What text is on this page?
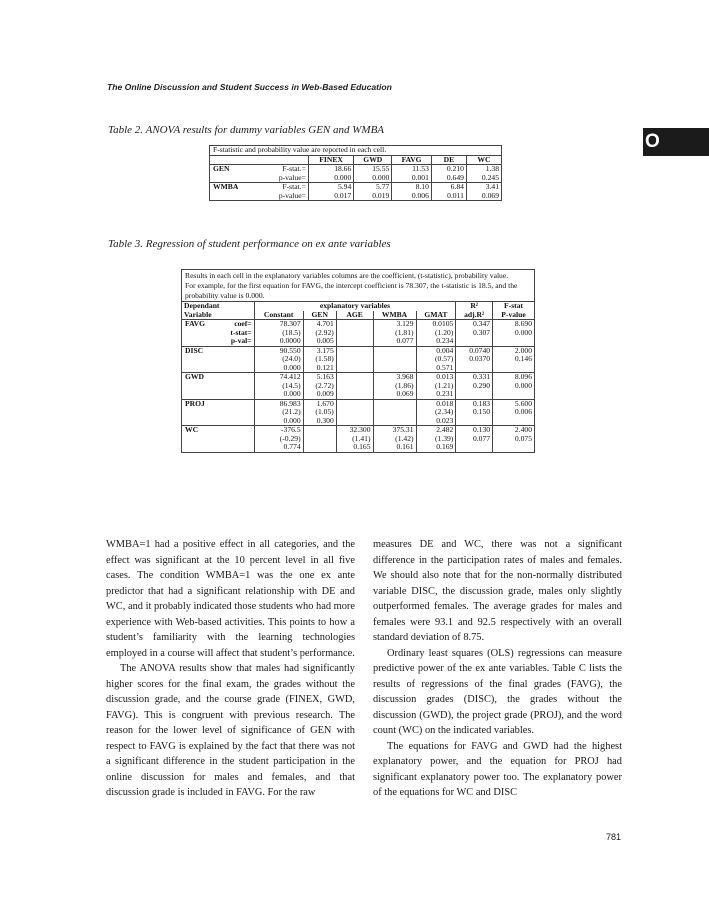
The Online Discussion and Student Success in Web-Based Education
O
Table 2. ANOVA results for dummy variables GEN and WMBA
F-statistic and probability value are reported in each cell.						
		FINEX	GWD	FAVG	DE	WC
GEN	F-stat.=	18.66	15.55	11.53	0.210	1.38
	p-value=	0.000	0.000	0.001	0.649	0.245
WMBA	F-stat.=	5.94	5.77	8.10	6.84	3.41
	p-value=	0.017	0.019	0.006	0.011	0.069
Table 3. Regression of student performance on ex ante variables
Results in each cell in the explanatory variables columns are the coefficient, (t-statistic), probability value.
For example, for the first equation for FAVG, the intercept coefficient is 78.307, the t-statistic is 18.5, and the probability value is 0.000.								

Dependant		explanatory variables					R²	F-stat
Variable		Constant	GEN	AGE	WMBA	GMAT	adj.R²	P-value
FAVG	coef=	78.307	4.701		3.129	0.0105	0.347	8.690
	t-stat=	(18.5)	(2.92)		(1.81)	(1.20)	0.307	0.000
	p-val=	0.0000	0.005		0.077	0.234		
DISC		90.550	3.175			0.004	0.0740	2.000
		(24.0)	(1.58)			(0.57)	0.0370	0.146
		0.000	0.121			0.571		
GWD		74.412	5.163		3.968	0.013	0.331	8.096
		(14.5)	(2.72)		(1.86)	(1.21)	0.290	0.000
		0.000	0.009		0.069	0.231		
PROJ		86.983	1.670			0.018	0.183	5.600
		(21.2)	(1.05)			(2.34)	0.150	0.006
		0.000	0.300			0.023		
WC		-376.5		32.300	375.31	2.482	0.130	2.400
		(-0.29)		(1.41)	(1.42)	(1.39)	0.077	0.075
		0.774		0.165	0.161	0.169		

WMBA=1 had a positive effect in all categories, and the effect was significant at the 10 percent level in all five cases. The condition WMBA=1 was the one ex ante predictor that had a significant relationship with DE and WC, and it probably indicated those students who had more experience with Web-based activities. This points to how a student’s familiarity with the learning technologies employed in a course will affect that student’s performance.

The ANOVA results show that males had significantly higher scores for the final exam, the grades without the discussion grade, and the course grade (FINEX, GWD, FAVG). This is congruent with previous research. The reason for the lower level of significance of GEN with respect to FAVG is explained by the fact that there was not a significant difference in the student participation in the online discussion for males and females, and that discussion grade is included in FAVG. For the raw

measures DE and WC, there was not a significant difference in the participation rates of males and females. We should also note that for the non-normally distributed variable DISC, the discussion grade, males only slightly outperformed females. The average grades for males and females were 93.1 and 92.5 respectively with an overall standard deviation of 8.75.

Ordinary least squares (OLS) regressions can measure predictive power of the ex ante variables. Table C lists the results of regressions of the final grades (FAVG), the discussion grades (DISC), the grades without the discussion (GWD), the project grade (PROJ), and the word count (WC) on the indicated variables.

The equations for FAVG and GWD had the highest explanatory power, and the equation for PROJ had significant explanatory power too. The explanatory power of the equations for WC and DISC

781
